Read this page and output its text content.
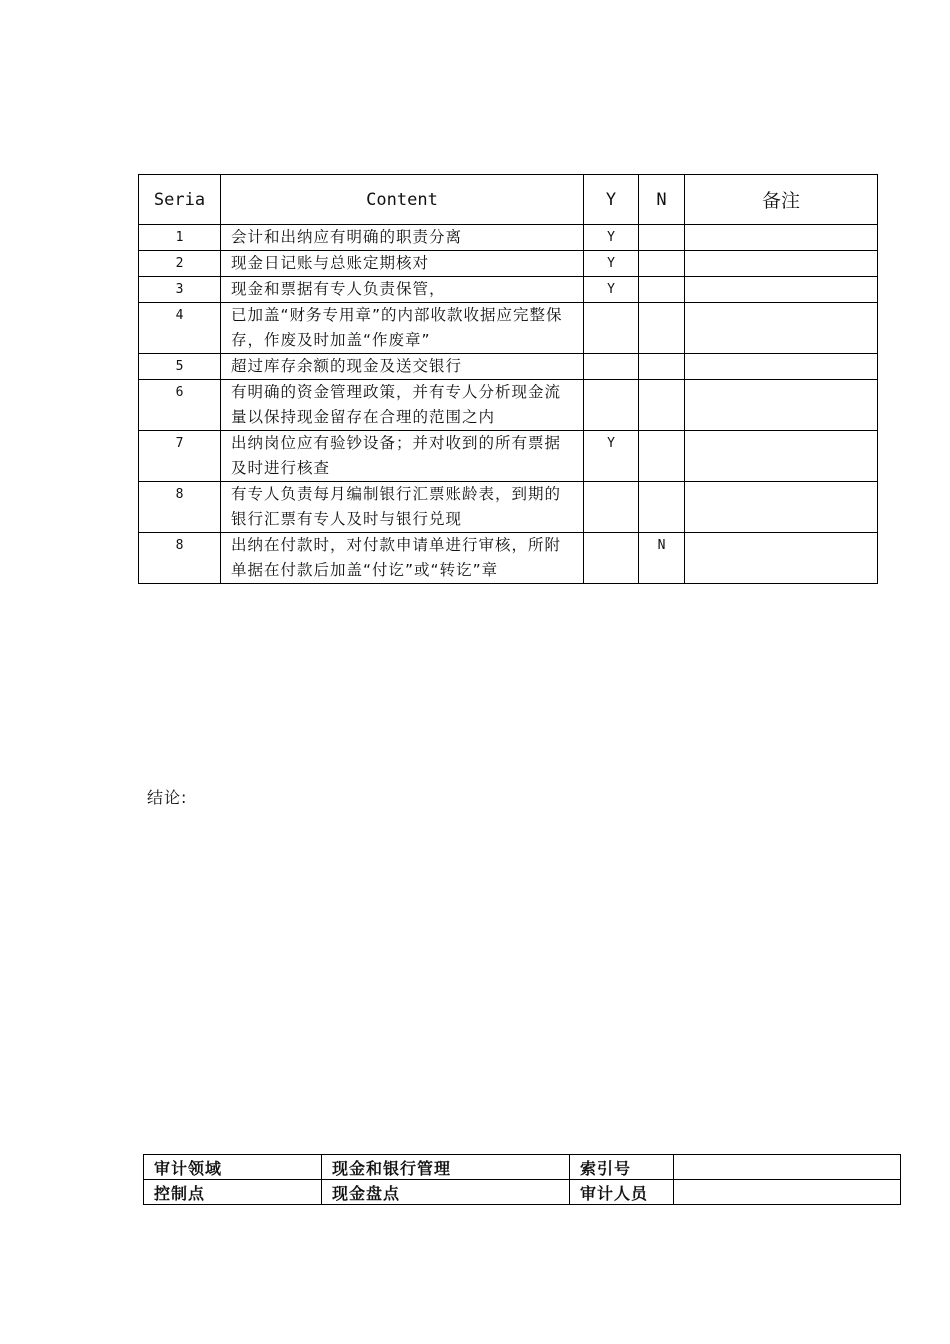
Seria	Content	Y	N	备注
1	会计和出纳应有明确的职责分离	Y		
2	现金日记账与总账定期核对	Y		
3	现金和票据有专人负责保管，	Y		
4	已加盖“财务专用章”的内部收款收据应完整保存，作废及时加盖“作废章”			
5	超过库存余额的现金及送交银行			
6	有明确的资金管理政策，并有专人分析现金流量以保持现金留存在合理的范围之内			
7	出纳岗位应有验钞设备；并对收到的所有票据及时进行核查	Y		
8	有专人负责每月编制银行汇票账龄表，到期的银行汇票有专人及时与银行兑现			
8	出纳在付款时，对付款申请单进行审核，所附单据在付款后加盖“付讫”或“转讫”章		N	
结论:
审计领域	现金和银行管理	索引号	
控制点	现金盘点	审计人员	
